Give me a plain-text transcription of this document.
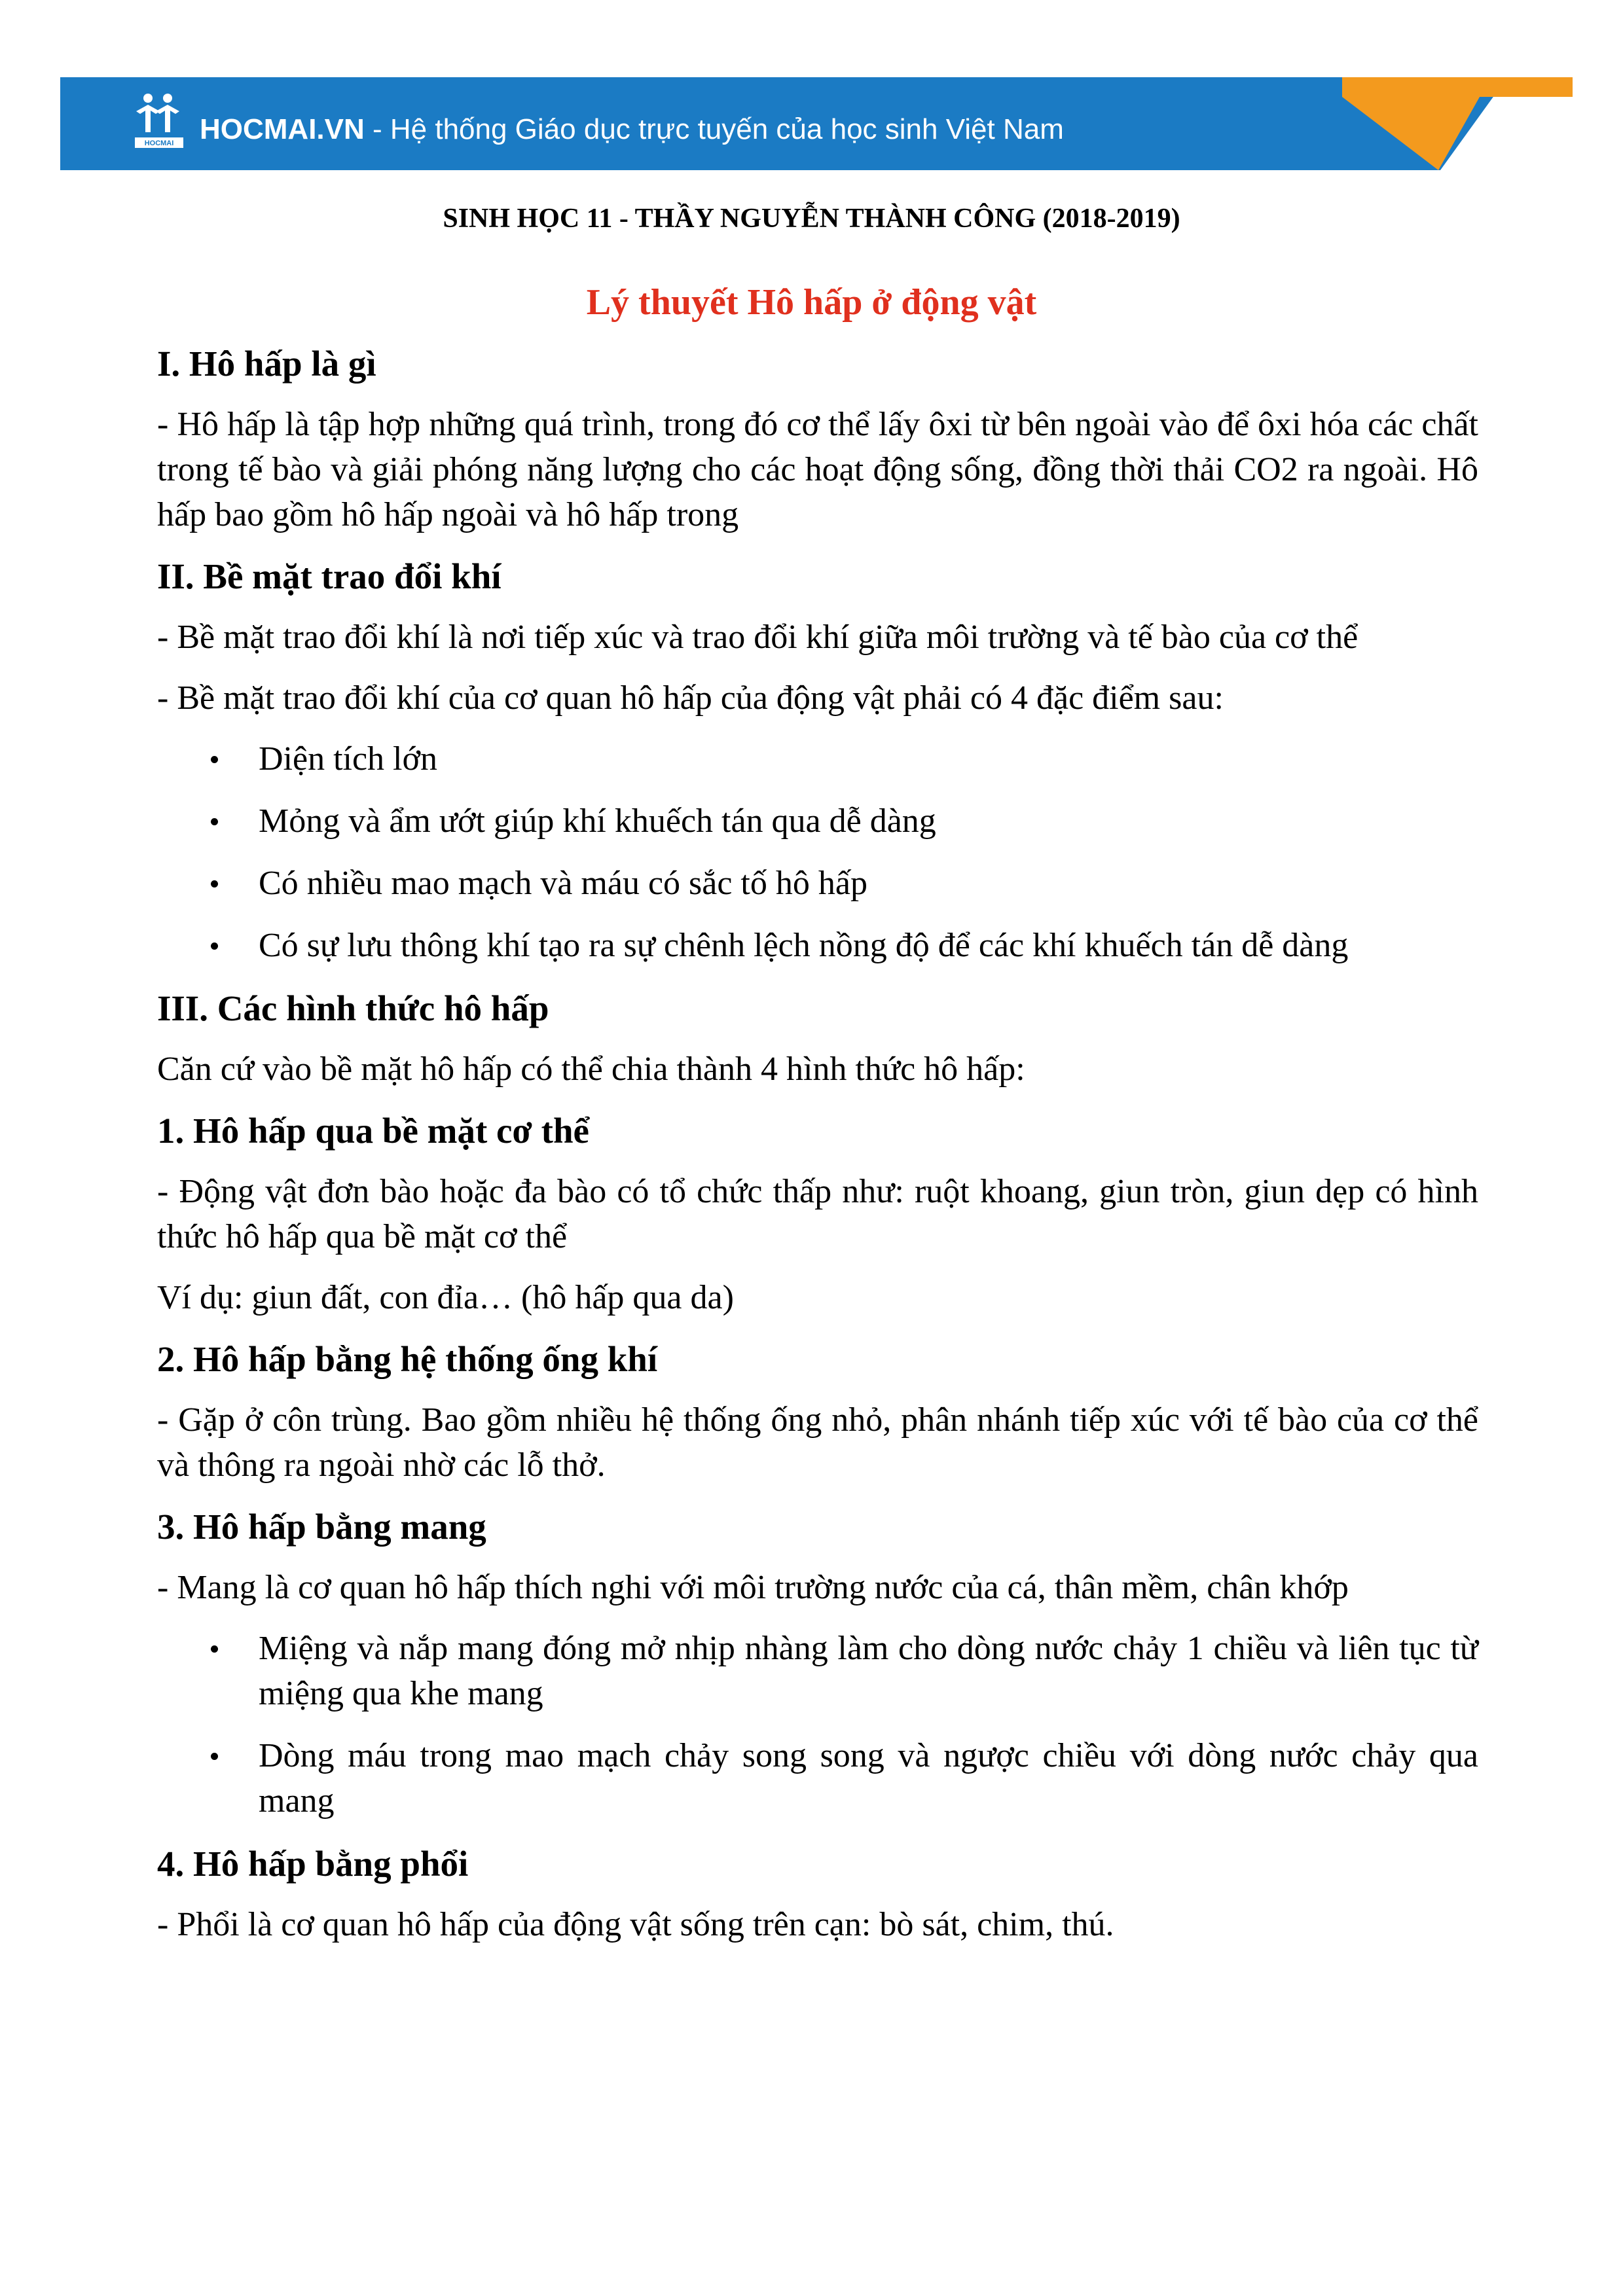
HOCMAI HOCMAI.VN - Hệ thống Giáo dục trực tuyến của học sinh Việt Nam
SINH HỌC 11 - THẦY NGUYỄN THÀNH CÔNG (2018-2019)
Lý thuyết Hô hấp ở động vật
I. Hô hấp là gì
- Hô hấp là tập hợp những quá trình, trong đó cơ thể lấy ôxi từ bên ngoài vào để ôxi hóa các chất trong tế bào và giải phóng năng lượng cho các hoạt động sống, đồng thời thải CO2 ra ngoài. Hô hấp bao gồm hô hấp ngoài và hô hấp trong
II. Bề mặt trao đổi khí
- Bề mặt trao đổi khí là nơi tiếp xúc và trao đổi khí giữa môi trường và tế bào của cơ thể
- Bề mặt trao đổi khí của cơ quan hô hấp của động vật phải có 4 đặc điểm sau:
Diện tích lớn
Mỏng và ẩm ướt giúp khí khuếch tán qua dễ dàng
Có nhiều mao mạch và máu có sắc tố hô hấp
Có sự lưu thông khí tạo ra sự chênh lệch nồng độ để các khí khuếch tán dễ dàng
III. Các hình thức hô hấp
Căn cứ vào bề mặt hô hấp có thể chia thành 4 hình thức hô hấp:
1. Hô hấp qua bề mặt cơ thể
- Động vật đơn bào hoặc đa bào có tổ chức thấp như: ruột khoang, giun tròn, giun dẹp có hình thức hô hấp qua bề mặt cơ thể
Ví dụ: giun đất, con đỉa… (hô hấp qua da)
2. Hô hấp bằng hệ thống ống khí
- Gặp ở côn trùng. Bao gồm nhiều hệ thống ống nhỏ, phân nhánh tiếp xúc với tế bào của cơ thể và thông ra ngoài nhờ các lỗ thở.
3. Hô hấp bằng mang
- Mang là cơ quan hô hấp thích nghi với môi trường nước của cá, thân mềm, chân khớp
Miệng và nắp mang đóng mở nhịp nhàng làm cho dòng nước chảy 1 chiều và liên tục từ miệng qua khe mang
Dòng máu trong mao mạch chảy song song và ngược chiều với dòng nước chảy qua mang
4. Hô hấp bằng phổi
- Phổi là cơ quan hô hấp của động vật sống trên cạn: bò sát, chim, thú.
